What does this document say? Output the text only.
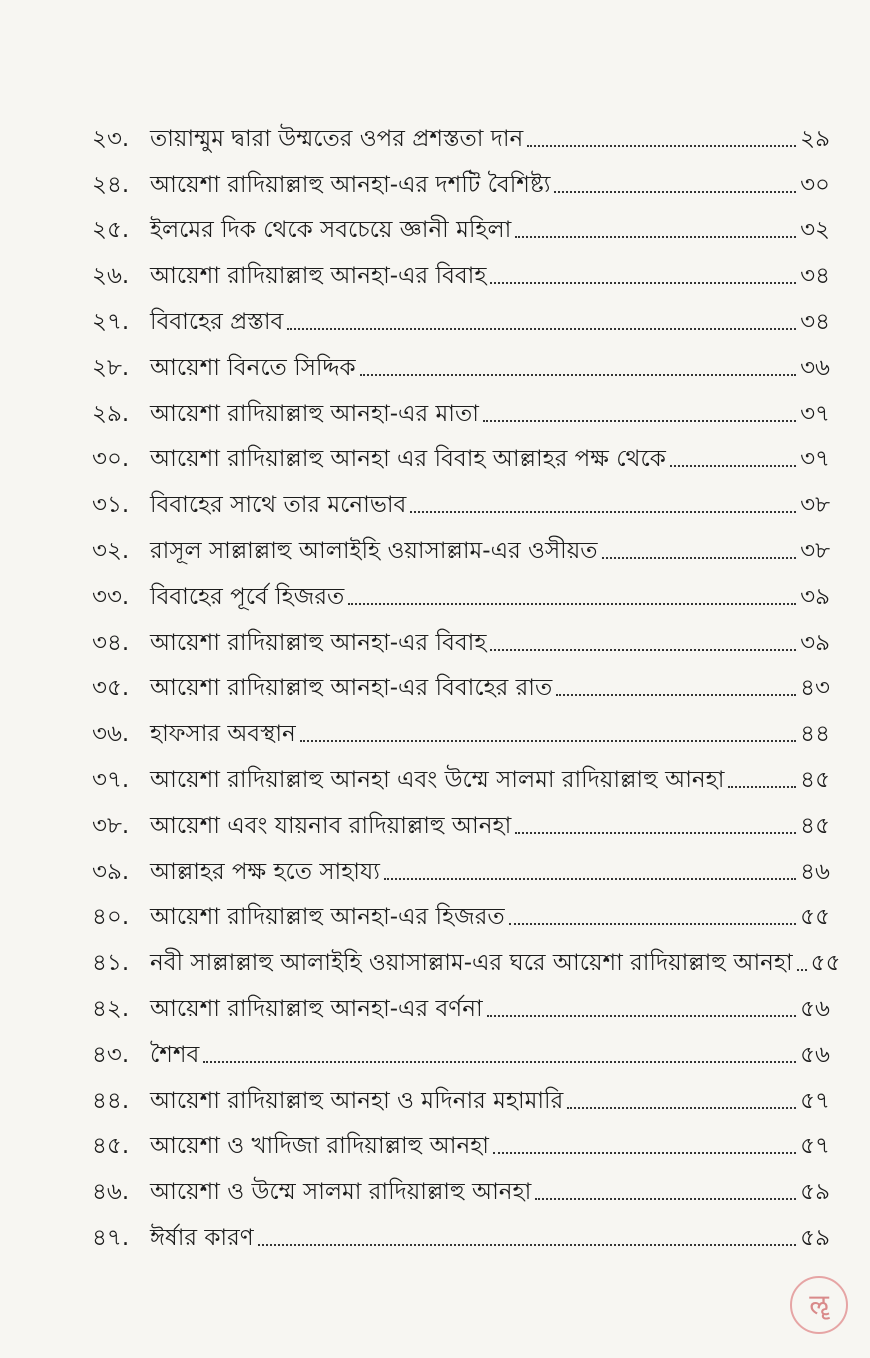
২৩. তায়াম্মুম দ্বারা উম্মতের ওপর প্রশস্ততা দান	২৯
২৪. আয়েশা রাদিয়াল্লাহু আনহা-এর দশটি বৈশিষ্ট্য	৩০
২৫. ইলমের দিক থেকে সবচেয়ে জ্ঞানী মহিলা	৩২
২৬. আয়েশা রাদিয়াল্লাহু আনহা-এর বিবাহ	৩৪
২৭. বিবাহের প্রস্তাব	৩৪
২৮. আয়েশা বিনতে সিদ্দিক	৩৬
২৯. আয়েশা রাদিয়াল্লাহু আনহা-এর মাতা	৩৭
৩০. আয়েশা রাদিয়াল্লাহু আনহা এর বিবাহ আল্লাহর পক্ষ থেকে	৩৭
৩১. বিবাহের সাথে তার মনোভাব	৩৮
৩২. রাসূল সাল্লাল্লাহু আলাইহি ওয়াসাল্লাম-এর ওসীয়ত	৩৮
৩৩. বিবাহের পূর্বে হিজরত	৩৯
৩৪. আয়েশা রাদিয়াল্লাহু আনহা-এর বিবাহ	৩৯
৩৫. আয়েশা রাদিয়াল্লাহু আনহা-এর বিবাহের রাত	৪৩
৩৬. হাফসার অবস্থান	৪৪
৩৭. আয়েশা রাদিয়াল্লাহু আনহা এবং উম্মে সালমা রাদিয়াল্লাহু আনহা	৪৫
৩৮. আয়েশা এবং যায়নাব রাদিয়াল্লাহু আনহা	৪৫
৩৯. আল্লাহর পক্ষ হতে সাহায্য	৪৬
৪০. আয়েশা রাদিয়াল্লাহু আনহা-এর হিজরত	৫৫
৪১. নবী সাল্লাল্লাহু আলাইহি ওয়াসাল্লাম-এর ঘরে আয়েশা রাদিয়াল্লাহু আনহা ৫৫
৪২. আয়েশা রাদিয়াল্লাহু আনহা-এর বর্ণনা	৫৬
৪৩. শৈশব	৫৬
৪৪. আয়েশা রাদিয়াল্লাহু আনহা ও মদিনার মহামারি	৫৭
৪৫. আয়েশা ও খাদিজা রাদিয়াল্লাহু আনহা	৫৭
৪৬. আয়েশা ও উম্মে সালমা রাদিয়াল্লাহু আনহা	৫৯
৪৭. ঈর্ষার কারণ	৫৯
ॡ
